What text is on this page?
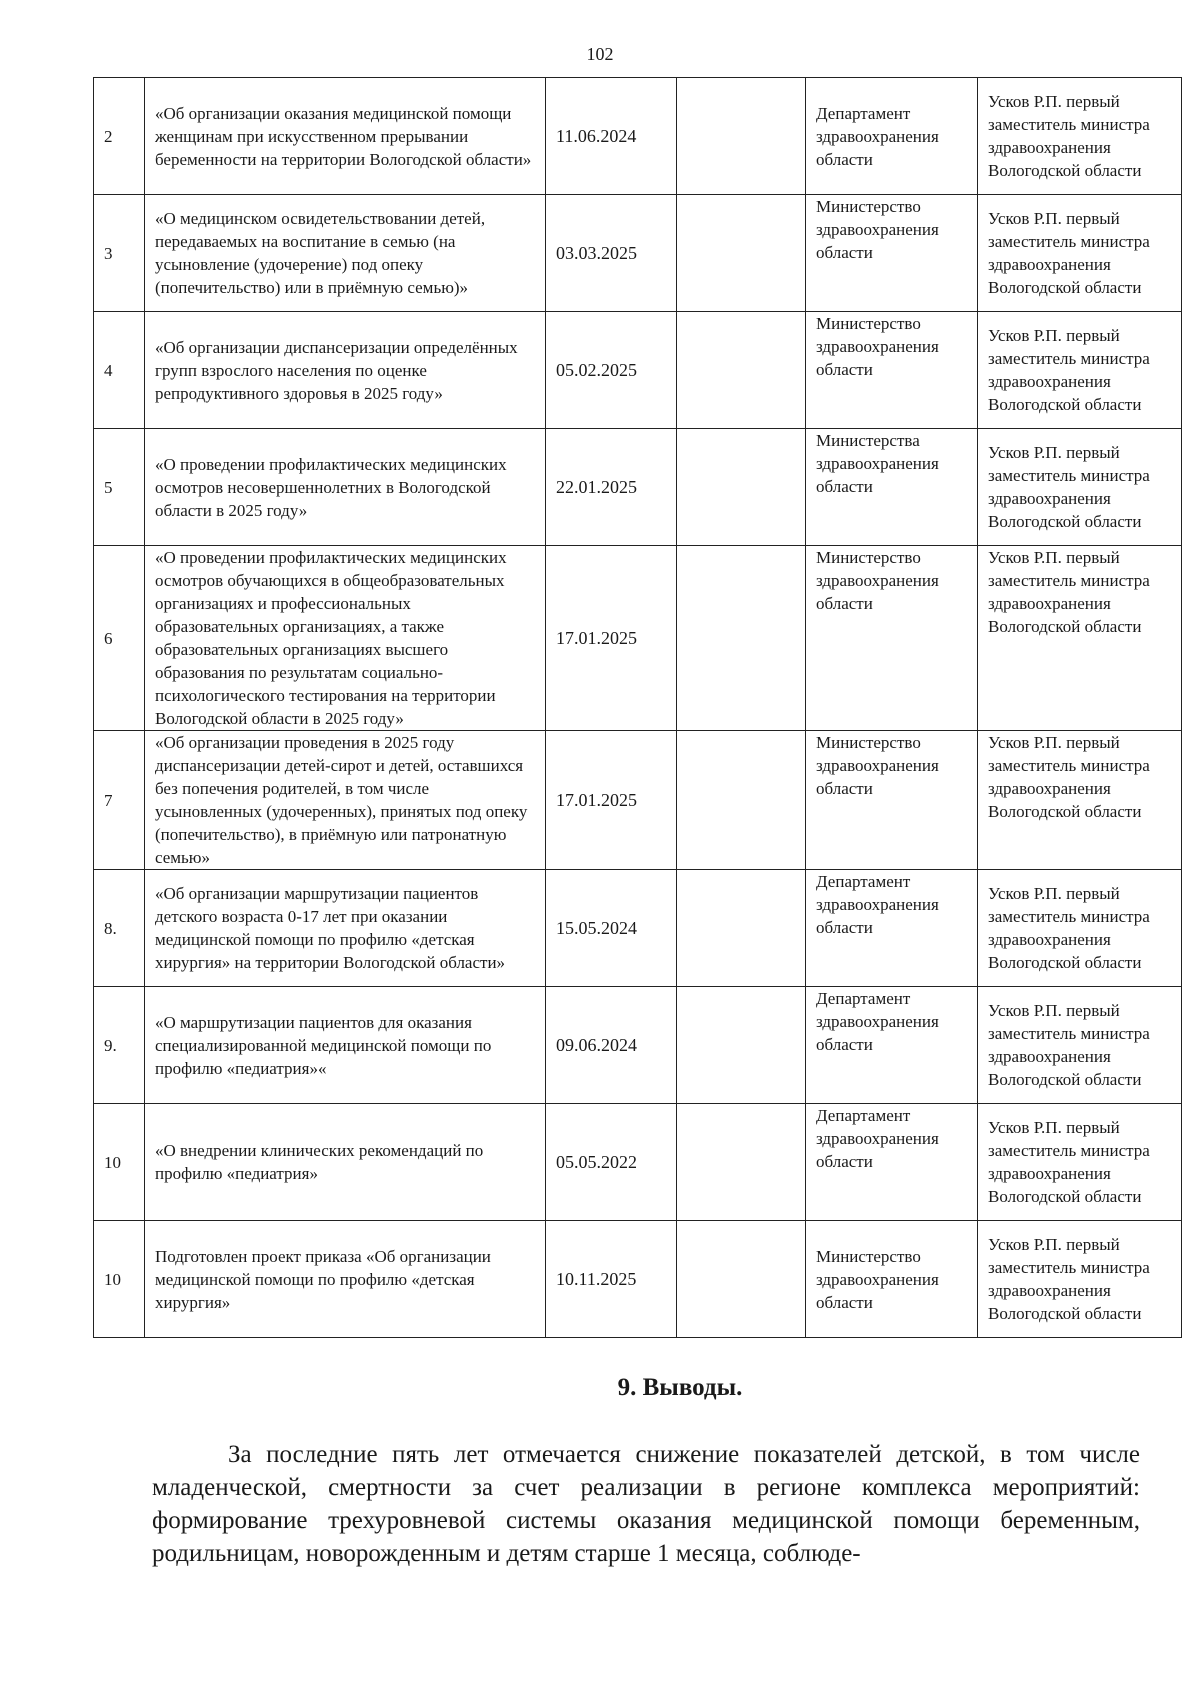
102
2	«Об организации оказания медицинской помощи женщинам при искусственном прерывании беременности на территории Вологодской области»	11.06.2024		Департамент здравоохранения области	Усков Р.П. первый заместитель министра здравоохранения Вологодской области
3	«О медицинском освидетельствовании детей, передаваемых на воспитание в семью (на усыновление (удочерение) под опеку (попечительство) или в приёмную семью)»	03.03.2025		Министерство здравоохранения области	Усков Р.П. первый заместитель министра здравоохранения Вологодской области
4	«Об организации диспансеризации определённых групп взрослого населения по оценке репродуктивного здоровья в 2025 году»	05.02.2025		Министерство здравоохранения области	Усков Р.П. первый заместитель министра здравоохранения Вологодской области
5	«О проведении профилактических медицинских осмотров несовершеннолетних в Вологодской области в 2025 году»	22.01.2025		Министерства здравоохранения области	Усков Р.П. первый заместитель министра здравоохранения Вологодской области
6	«О проведении профилактических медицинских осмотров обучающихся в общеобразовательных организациях и профессиональных образовательных организациях, а также образовательных организациях высшего образования по результатам социально-психологического тестирования на территории Вологодской области в 2025 году»	17.01.2025		Министерство здравоохранения области	Усков Р.П. первый заместитель министра здравоохранения Вологодской области
7	«Об организации проведения в 2025 году диспансеризации детей-сирот и детей, оставшихся без попечения родителей, в том числе усыновленных (удочеренных), принятых под опеку (попечительство), в приёмную или патронатную семью»	17.01.2025		Министерство здравоохранения области	Усков Р.П. первый заместитель министра здравоохранения Вологодской области
8.	«Об организации маршрутизации пациентов детского возраста 0-17 лет при оказании медицинской помощи по профилю «детская хирургия» на территории Вологодской области»	15.05.2024		Департамент здравоохранения области	Усков Р.П. первый заместитель министра здравоохранения Вологодской области
9.	«О маршрутизации пациентов для оказания специализированной медицинской помощи по профилю «педиатрия»«	09.06.2024		Департамент здравоохранения области	Усков Р.П. первый заместитель министра здравоохранения Вологодской области
10	«О внедрении клинических рекомендаций по профилю «педиатрия»	05.05.2022		Департамент здравоохранения области	Усков Р.П. первый заместитель министра здравоохранения Вологодской области
10	Подготовлен проект приказа «Об организации медицинской помощи по профилю «детская хирургия»	10.11.2025		Министерство здравоохранения области	Усков Р.П. первый заместитель министра здравоохранения Вологодской области
9. Выводы.

За последние пять лет отмечается снижение показателей детской, в том числе младенческой, смертности за счет реализации в регионе комплекса мероприятий: формирование трехуровневой системы оказания медицинской помощи беременным, родильницам, новорожденным и детям старше 1 месяца, соблюде-
